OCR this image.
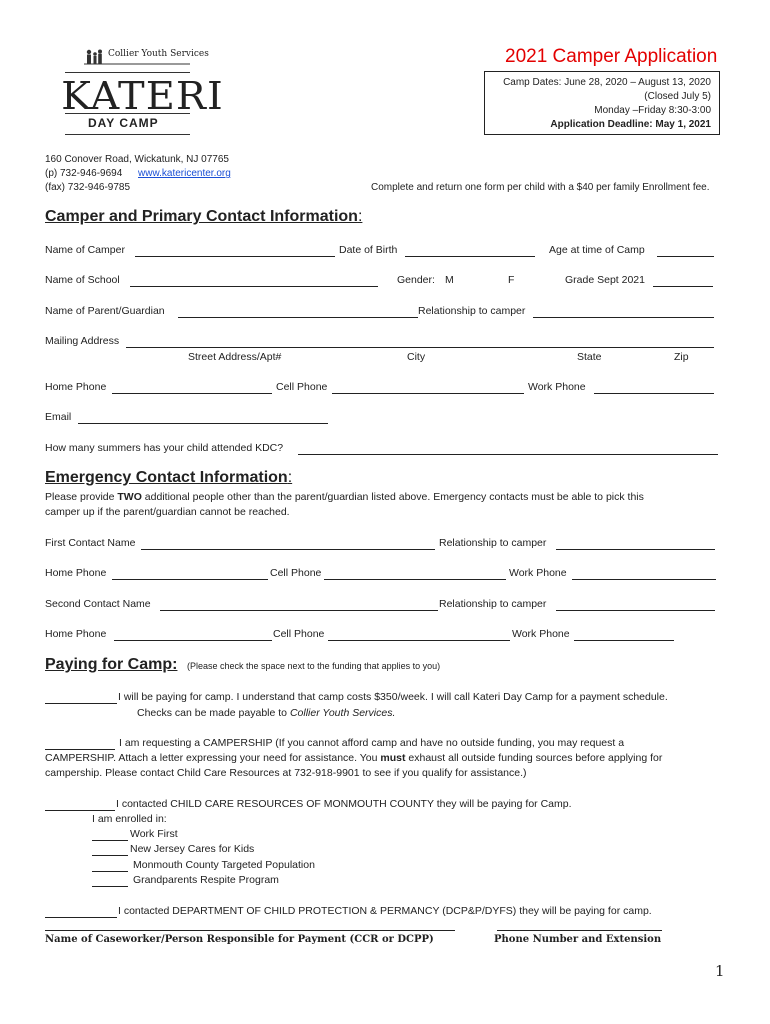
Collier Youth Services
KATERI
DAY CAMP
2021 Camper Application
Camp Dates: June 28, 2020 – August 13, 2020
(Closed July 5)
Monday –Friday 8:30-3:00
Application Deadline: May 1, 2021
160 Conover Road, Wickatunk, NJ 07765
(p) 732-946-9694 www.katericenter.org
(fax) 732-946-9785	Complete and return one form per child with a $40 per family Enrollment fee.
Camper and Primary Contact Information:
Name of Camper	Date of Birth	Age at time of Camp
Name of School	Gender: M	F	Grade Sept 2021
Name of Parent/Guardian	Relationship to camper
Mailing Address
Street Address/Apt#	City	State	Zip
Home Phone	Cell Phone	Work Phone
Email
How many summers has your child attended KDC?
Emergency Contact Information:
Please provide TWO additional people other than the parent/guardian listed above. Emergency contacts must be able to pick this
camper up if the parent/guardian cannot be reached.
First Contact Name	Relationship to camper
Home Phone	Cell Phone	Work Phone
Second Contact Name	Relationship to camper
Home Phone	Cell Phone	Work Phone
Paying for Camp: (Please check the space next to the funding that applies to you)
I will be paying for camp. I understand that camp costs $350/week. I will call Kateri Day Camp for a payment schedule.
Checks can be made payable to Collier Youth Services.
I am requesting a CAMPERSHIP (If you cannot afford camp and have no outside funding, you may request a
CAMPERSHIP. Attach a letter expressing your need for assistance. You must exhaust all outside funding sources before applying for
campership. Please contact Child Care Resources at 732-918-9901 to see if you qualify for assistance.)
I contacted CHILD CARE RESOURCES OF MONMOUTH COUNTY they will be paying for Camp.
I am enrolled in:
Work First
New Jersey Cares for Kids
Monmouth County Targeted Population
Grandparents Respite Program
I contacted DEPARTMENT OF CHILD PROTECTION & PERMANCY (DCP&P/DYFS) they will be paying for camp.
Name of Caseworker/Person Responsible for Payment (CCR or DCPP)	Phone Number and Extension
1
